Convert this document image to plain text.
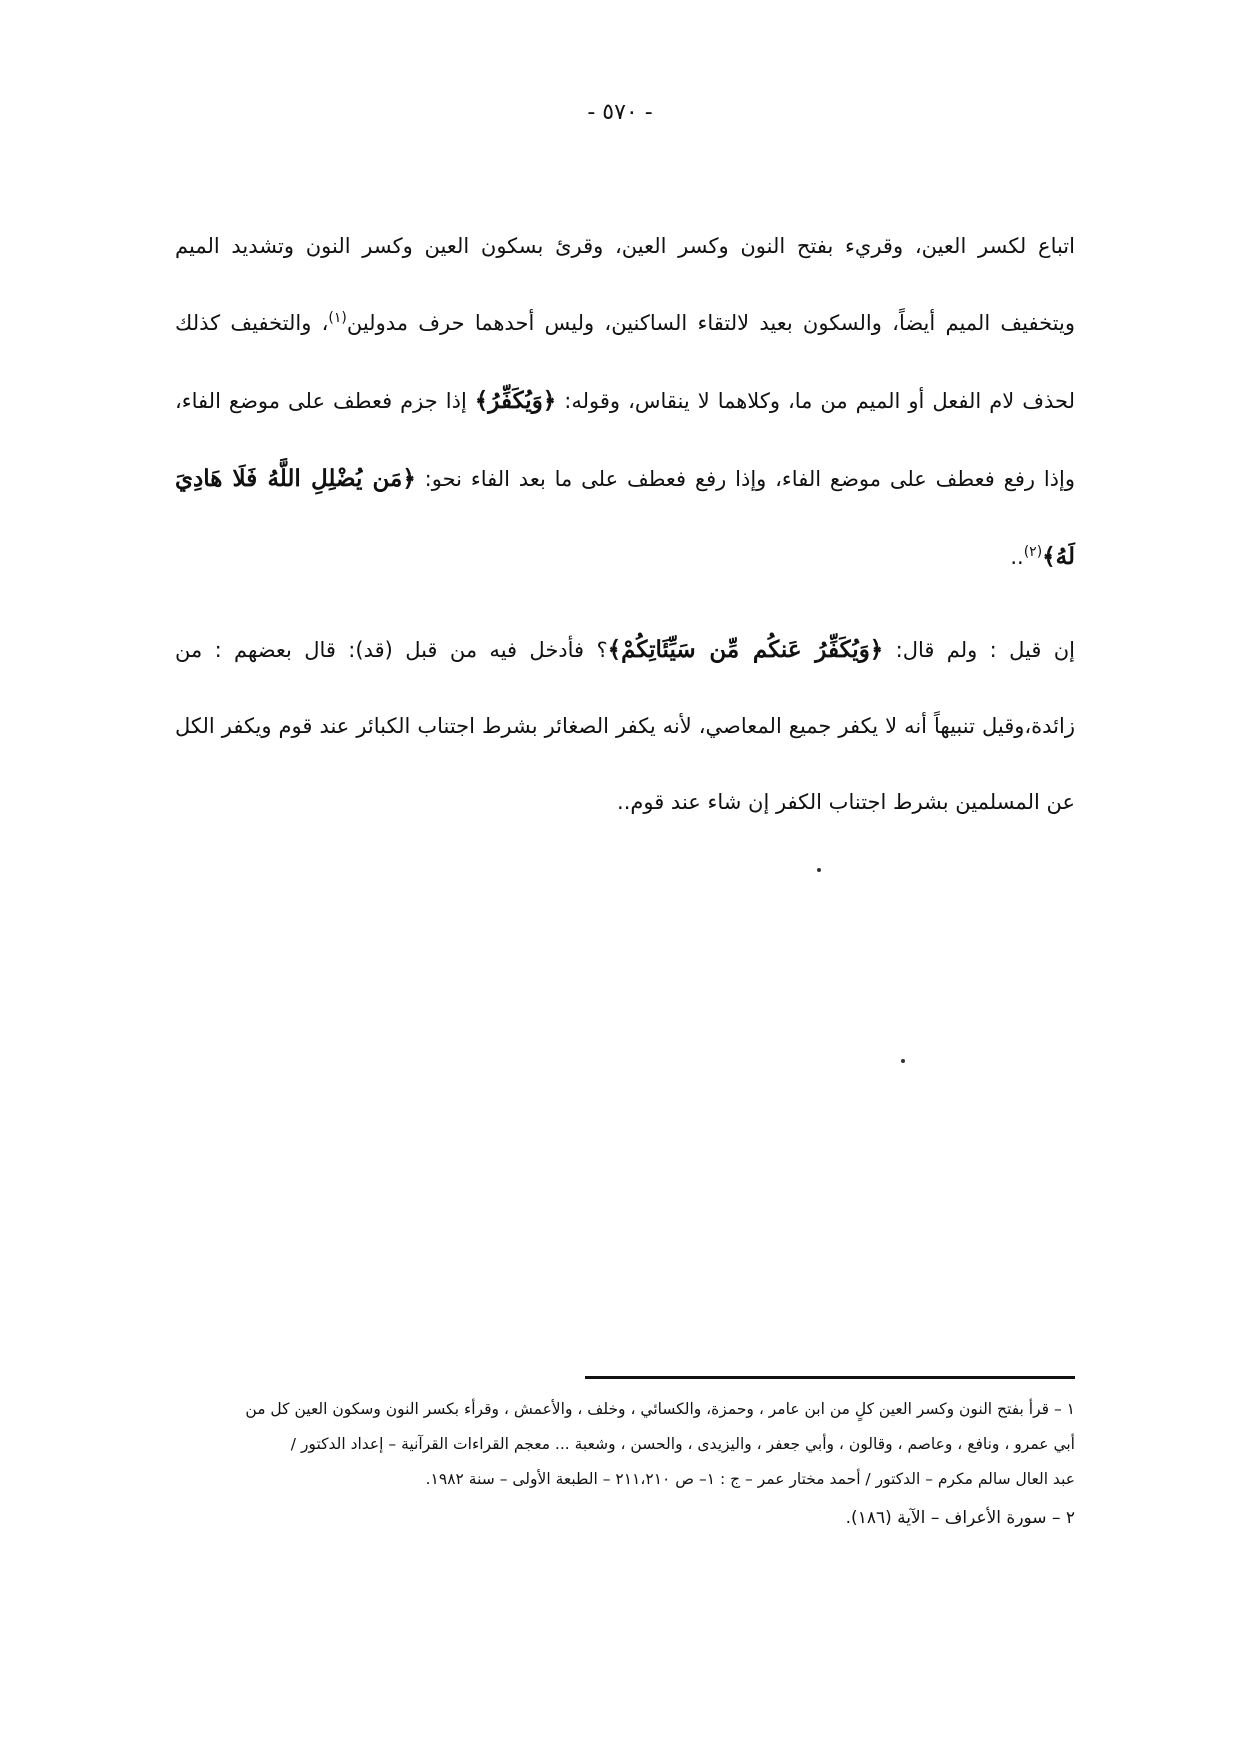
- ٥٧٠ -

اتباع لكسر العين، وقريء بفتح النون وكسر العين، وقرئ بسكون العين وكسر النون وتشديد الميم ويتخفيف الميم أيضاً، والسكون بعيد لالتقاء الساكنين، وليس أحدهما حرف مدولين$^{(١)}$، والتخفيف كذلك لحذف لام الفعل أو الميم من ما، وكلاهما لا ينقاس، وقوله: ﴿وَيُكَفِّرُ﴾ إذا جزم فعطف على موضع الفاء، وإذا رفع فعطف على موضع الفاء، وإذا رفع فعطف على ما بعد الفاء نحو: ﴿مَن يُضْلِلِ اللَّهُ فَلَا هَادِيَ لَهُ﴾$^{(٢)}$..

إن قيل : ولم قال: ﴿وَيُكَفِّرُ عَنكُم مِّن سَيِّئَاتِكُمْ﴾؟ فأدخل فيه من قبل (قد): قال بعضهم : من زائدة،وقيل تنبيهاً أنه لا يكفر جميع المعاصي، لأنه يكفر الصغائر بشرط اجتناب الكبائر عند قوم ويكفر الكل عن المسلمين بشرط اجتناب الكفر إن شاء عند قوم..

١ – قرأ بفتح النون وكسر العين كلٍ من ابن عامر ، وحمزة، والكسائي ، وخلف ، والأعمش ، وقرأء بكسر النون وسكون العين كل من

أبي عمرو ، ونافع ، وعاصم ، وقالون ، وأبي جعفر ، واليزيدى ، والحسن ، وشعبة ... معجم القراءات القرآنية – إعداد الدكتور /

عبد العال سالم مكرم – الدكتور / أحمد مختار عمر – ج : ١– ص ٢١١،٢١٠ – الطبعة الأولى – سنة ١٩٨٢.

٢ – سورة الأعراف – الآية (١٨٦).
